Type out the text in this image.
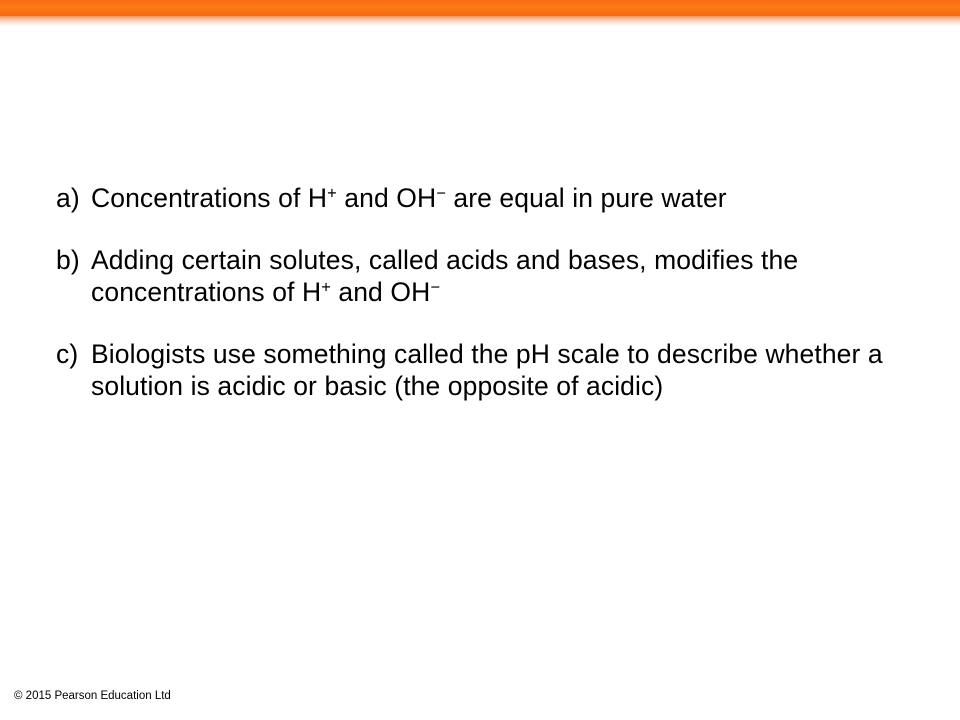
a) Concentrations of H+ and OH− are equal in pure water
b) Adding certain solutes, called acids and bases, modifies the concentrations of H+ and OH−
c) Biologists use something called the pH scale to describe whether a solution is acidic or basic (the opposite of acidic)
© 2015 Pearson Education Ltd
